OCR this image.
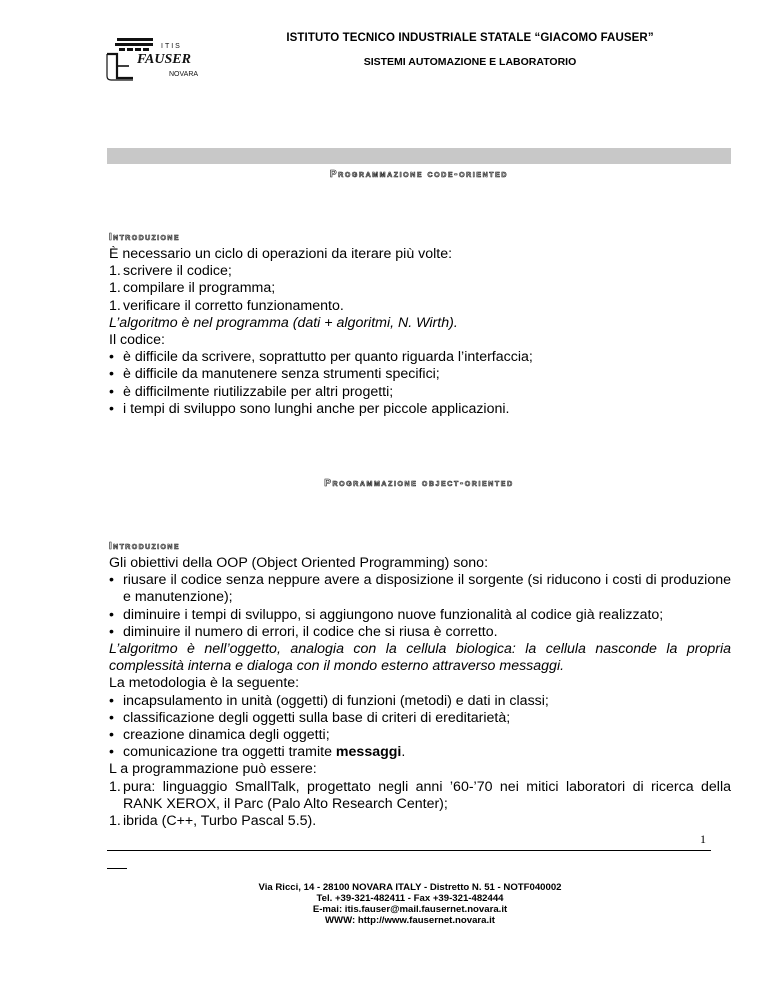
ITIS
FAUSER
NOVARA
ISTITUTO TECNICO INDUSTRIALE STATALE “GIACOMO FAUSER”
SISTEMI AUTOMAZIONE E LABORATORIO
Programmazione code-oriented
Introduzione

È necessario un ciclo di operazioni da iterare più volte:

1. scrivere il codice;
1. compilare il programma;
1. verificare il corretto funzionamento.

L’algoritmo è nel programma (dati + algoritmi, N. Wirth).

Il codice:

• è difficile da scrivere, soprattutto per quanto riguarda l’interfaccia;
• è difficile da manutenere senza strumenti specifici;
• è difficilmente riutilizzabile per altri progetti;
• i tempi di sviluppo sono lunghi anche per piccole applicazioni.
Programmazione object-oriented
Introduzione

Gli obiettivi della OOP (Object Oriented Programming) sono:

• riusare il codice senza neppure avere a disposizione il sorgente (si riducono i costi di produzione e manutenzione);
• diminuire i tempi di sviluppo, si aggiungono nuove funzionalità al codice già realizzato;
• diminuire il numero di errori, il codice che si riusa è corretto.

L’algoritmo è nell’oggetto, analogia con la cellula biologica: la cellula nasconde la propria complessità interna e dialoga con il mondo esterno attraverso messaggi.

La metodologia è la seguente:

• incapsulamento in unità (oggetti) di funzioni (metodi) e dati in classi;
• classificazione degli oggetti sulla base di criteri di ereditarietà;
• creazione dinamica degli oggetti;
• comunicazione tra oggetti tramite messaggi.

L a programmazione può essere:

1. pura: linguaggio SmallTalk, progettato negli anni ’60-’70 nei mitici laboratori di ricerca della RANK XEROX, il Parc (Palo Alto Research Center);
1. ibrida (C++, Turbo Pascal 5.5).
1
Via Ricci, 14 - 28100 NOVARA ITALY - Distretto N. 51 - NOTF040002
Tel. +39-321-482411 - Fax +39-321-482444
E-mai: itis.fauser@mail.fausernet.novara.it
WWW: http://www.fausernet.novara.it
